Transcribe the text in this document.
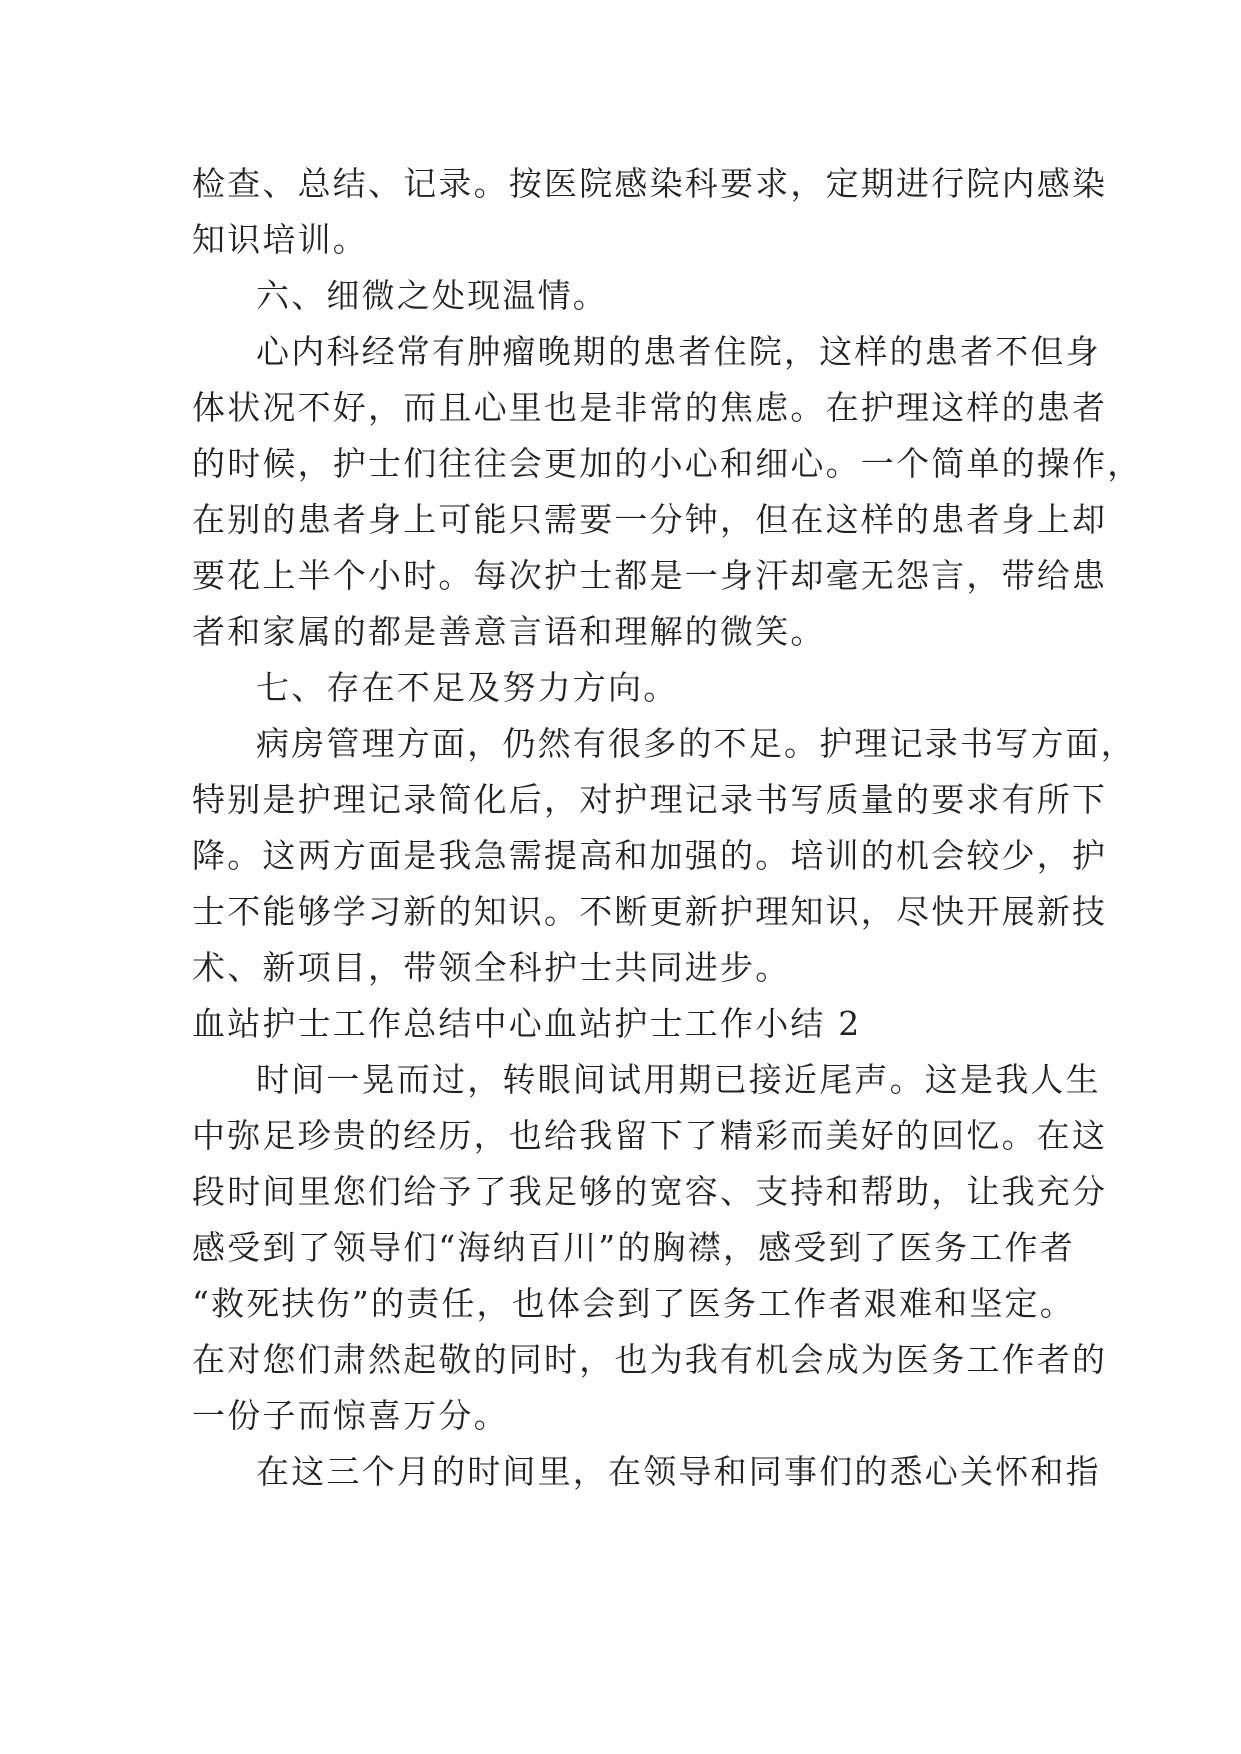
检查、总结、记录。按医院感染科要求，定期进行院内感染
知识培训。
六、细微之处现温情。
心内科经常有肿瘤晚期的患者住院，这样的患者不但身
体状况不好，而且心里也是非常的焦虑。在护理这样的患者
的时候，护士们往往会更加的小心和细心。一个简单的操作，
在别的患者身上可能只需要一分钟，但在这样的患者身上却
要花上半个小时。每次护士都是一身汗却毫无怨言，带给患
者和家属的都是善意言语和理解的微笑。
七、存在不足及努力方向。
病房管理方面，仍然有很多的不足。护理记录书写方面，
特别是护理记录简化后，对护理记录书写质量的要求有所下
降。这两方面是我急需提高和加强的。培训的机会较少，护
士不能够学习新的知识。不断更新护理知识，尽快开展新技
术、新项目，带领全科护士共同进步。
血站护士工作总结中心血站护士工作小结 2
时间一晃而过，转眼间试用期已接近尾声。这是我人生
中弥足珍贵的经历，也给我留下了精彩而美好的回忆。在这
段时间里您们给予了我足够的宽容、支持和帮助，让我充分
感受到了领导们“海纳百川”的胸襟，感受到了医务工作者
“救死扶伤”的责任，也体会到了医务工作者艰难和坚定。
在对您们肃然起敬的同时，也为我有机会成为医务工作者的
一份子而惊喜万分。
在这三个月的时间里，在领导和同事们的悉心关怀和指
